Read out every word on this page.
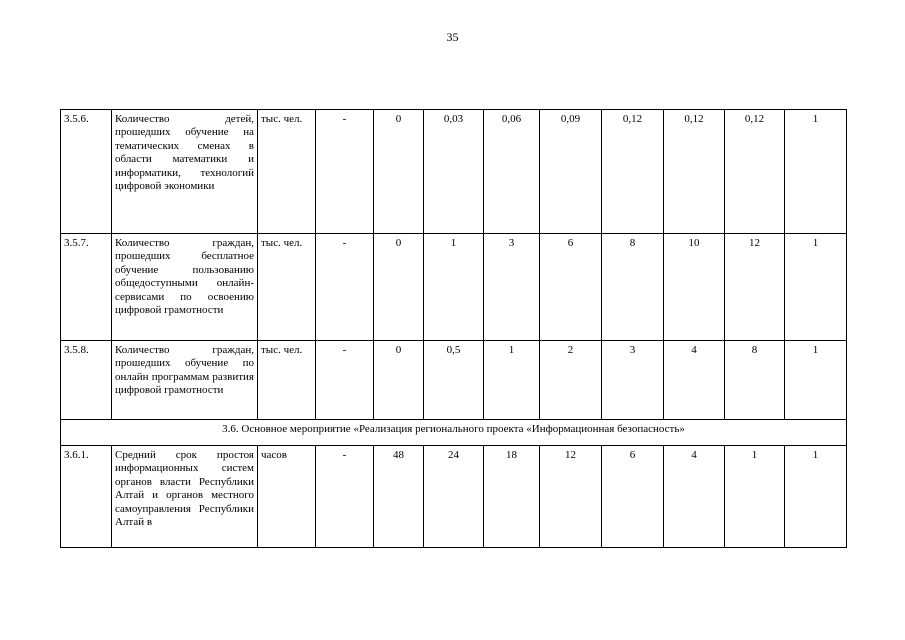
35
3.5.6.	Количество детей, прошедших обучение на тематических сменах в области математики и информатики, технологий цифровой экономики	тыс. чел.	-	0	0,03	0,06	0,09	0,12	0,12	0,12	1
3.5.7.	Количество граждан, прошедших бесплатное обучение пользованию общедоступными онлайн-сервисами по освоению цифровой грамотности	тыс. чел.	-	0	1	3	6	8	10	12	1
3.5.8.	Количество граждан, прошедших обучение по онлайн программам развития цифровой грамотности	тыс. чел.	-	0	0,5	1	2	3	4	8	1
3.6. Основное мероприятие «Реализация регионального проекта «Информационная безопасность»											
3.6.1.	Средний срок простоя информационных систем органов власти Республики Алтай и органов местного самоуправления Республики Алтай в	часов	-	48	24	18	12	6	4	1	1
